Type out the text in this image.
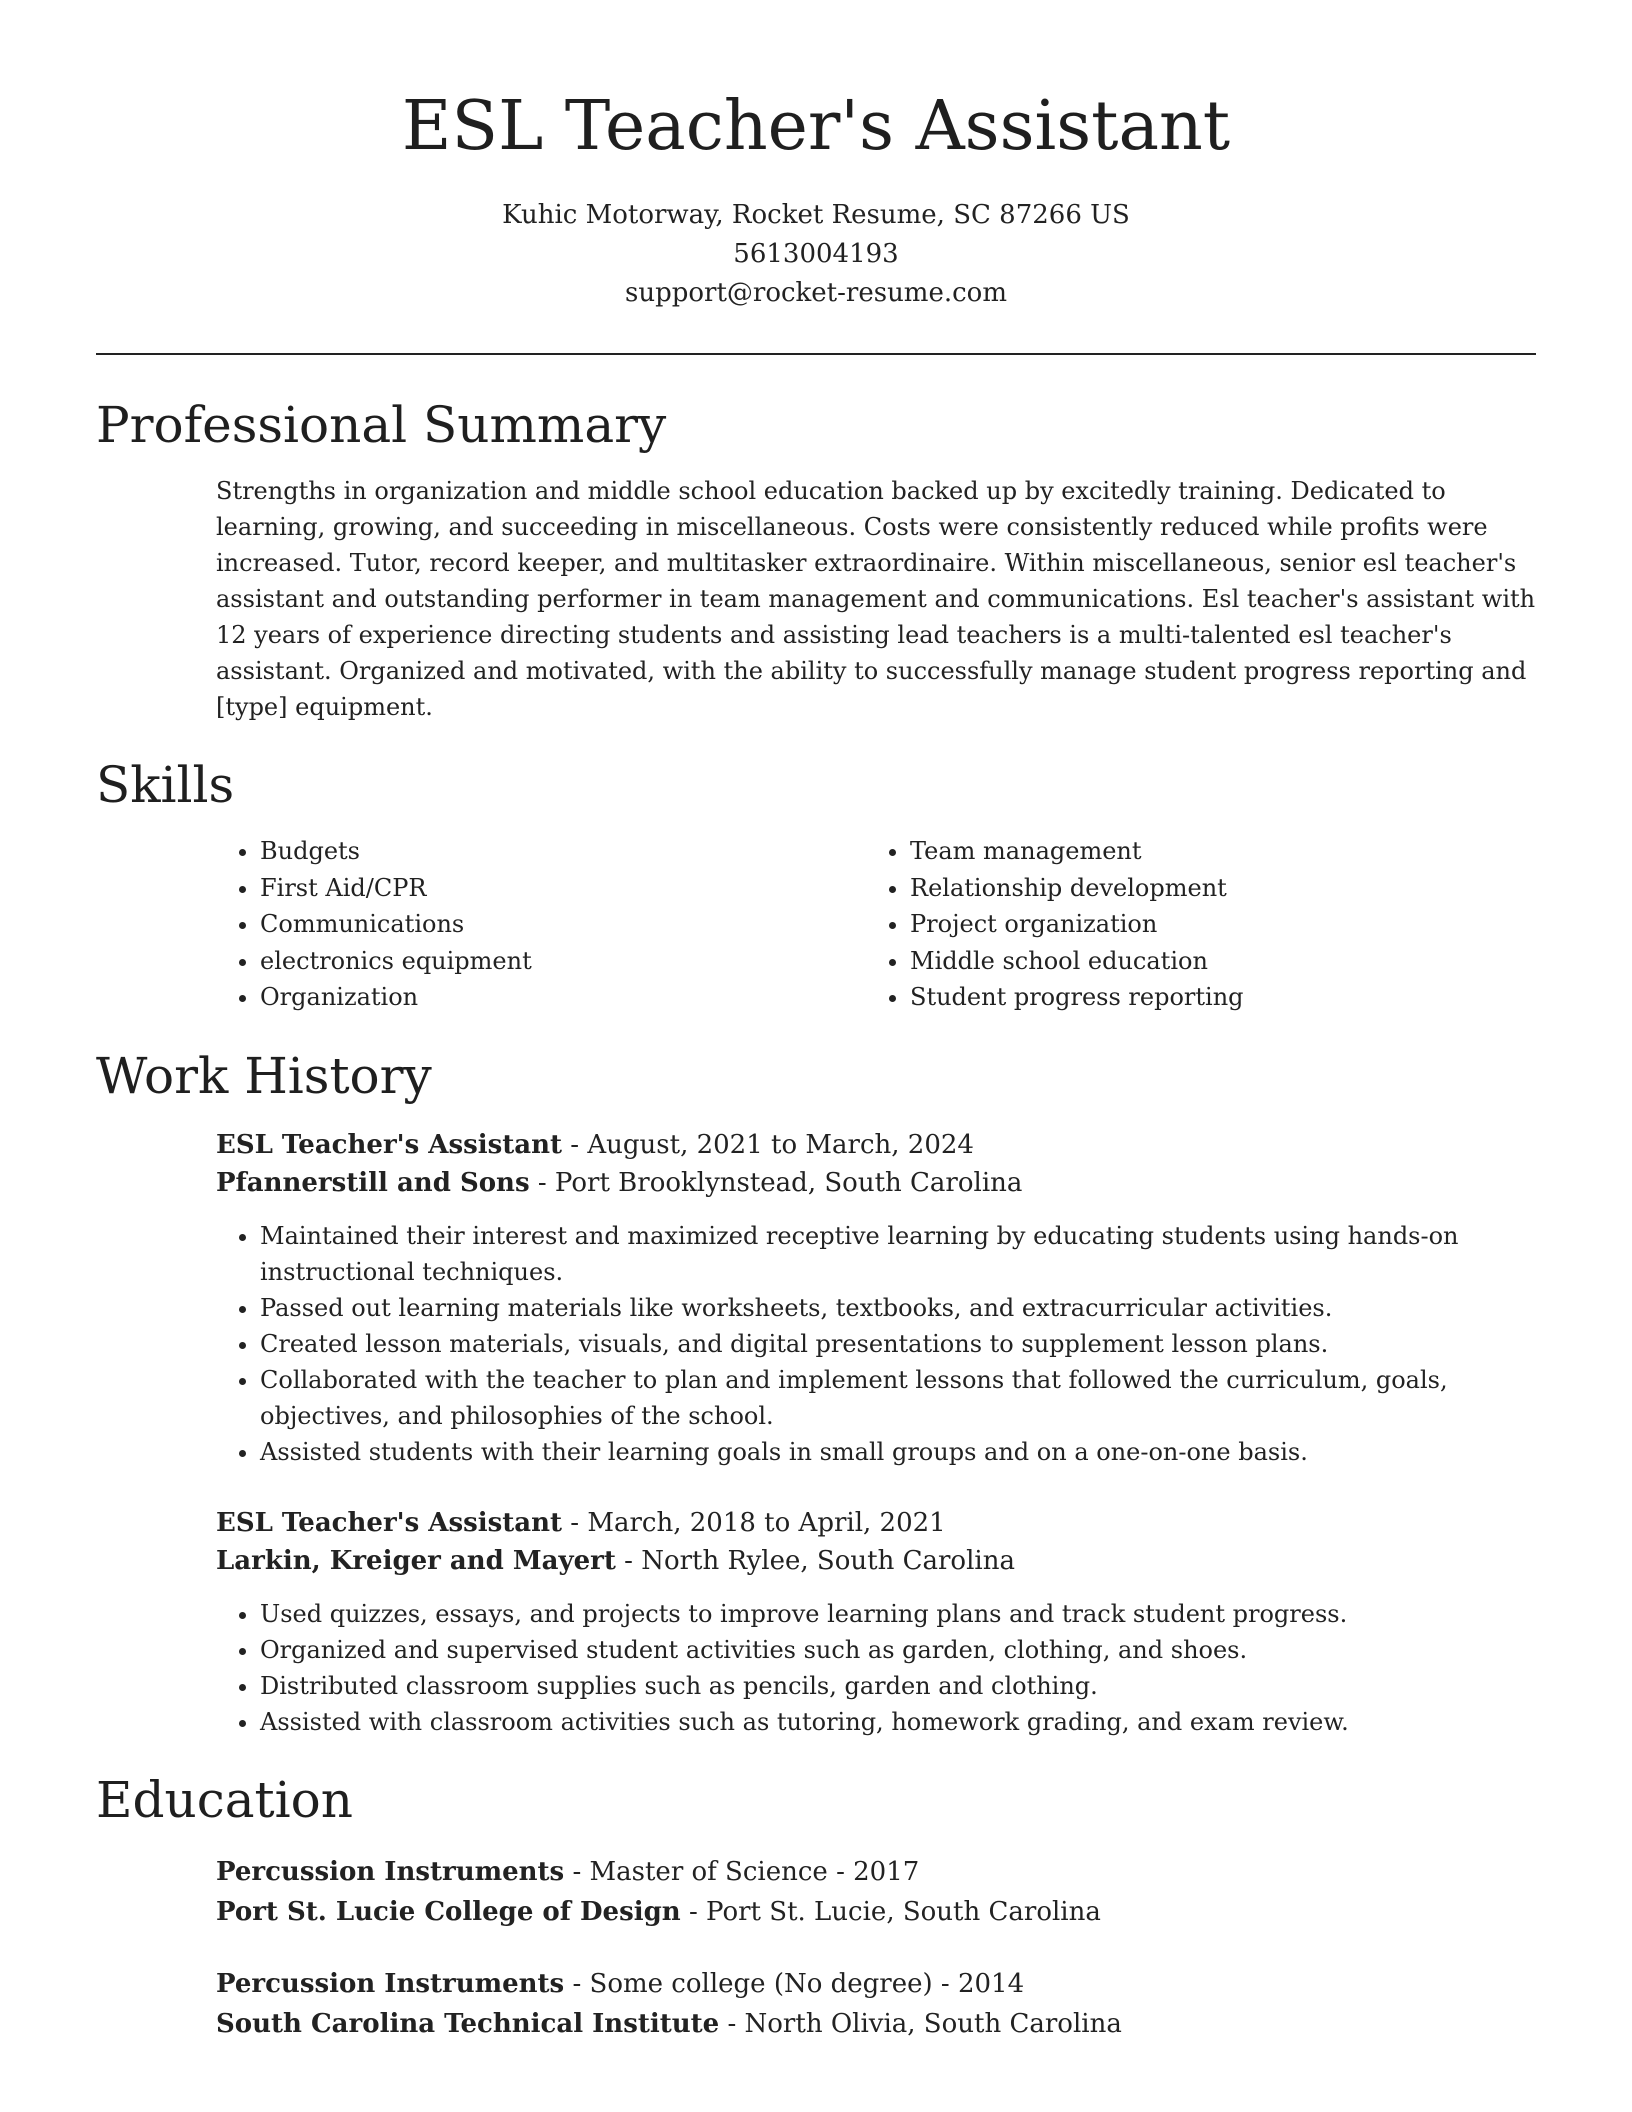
ESL Teacher's Assistant
Kuhic Motorway, Rocket Resume, SC 87266 US
5613004193
support@rocket-resume.com
Professional Summary
Strengths in organization and middle school education backed up by excitedly training. Dedicated to learning, growing, and succeeding in miscellaneous. Costs were consistently reduced while profits were increased. Tutor, record keeper, and multitasker extraordinaire. Within miscellaneous, senior esl teacher's assistant and outstanding performer in team management and communications. Esl teacher's assistant with 12 years of experience directing students and assisting lead teachers is a multi-talented esl teacher's assistant. Organized and motivated, with the ability to successfully manage student progress reporting and [type] equipment.
Skills
• Budgets
• First Aid/CPR
• Communications
• electronics equipment
• Organization
• Team management
• Relationship development
• Project organization
• Middle school education
• Student progress reporting
Work History
ESL Teacher's Assistant - August, 2021 to March, 2024
Pfannerstill and Sons - Port Brooklynstead, South Carolina
• Maintained their interest and maximized receptive learning by educating students using hands-on instructional techniques.
• Passed out learning materials like worksheets, textbooks, and extracurricular activities.
• Created lesson materials, visuals, and digital presentations to supplement lesson plans.
• Collaborated with the teacher to plan and implement lessons that followed the curriculum, goals, objectives, and philosophies of the school.
• Assisted students with their learning goals in small groups and on a one-on-one basis.
ESL Teacher's Assistant - March, 2018 to April, 2021
Larkin, Kreiger and Mayert - North Rylee, South Carolina
• Used quizzes, essays, and projects to improve learning plans and track student progress.
• Organized and supervised student activities such as garden, clothing, and shoes.
• Distributed classroom supplies such as pencils, garden and clothing.
• Assisted with classroom activities such as tutoring, homework grading, and exam review.
Education
Percussion Instruments - Master of Science - 2017
Port St. Lucie College of Design - Port St. Lucie, South Carolina
Percussion Instruments - Some college (No degree) - 2014
South Carolina Technical Institute - North Olivia, South Carolina
